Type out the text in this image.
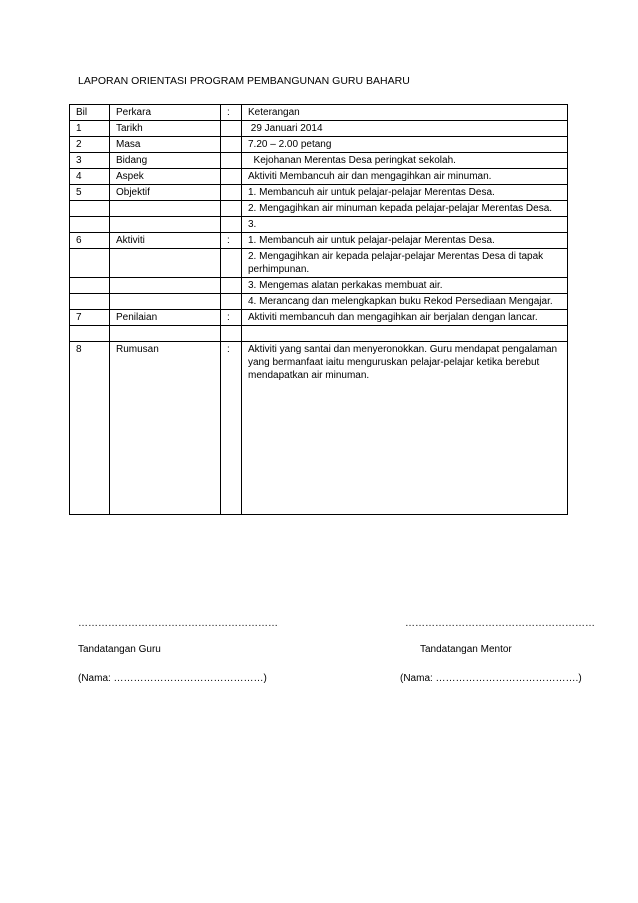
LAPORAN ORIENTASI PROGRAM PEMBANGUNAN GURU BAHARU
Bil	Perkara	:	Keterangan
1	Tarikh		29 Januari 2014
2	Masa		7.20 – 2.00 petang
3	Bidang		Kejohanan Merentas Desa peringkat sekolah.
4	Aspek		Aktiviti Membancuh air dan mengagihkan air minuman.
5	Objektif		1. Membancuh air untuk pelajar-pelajar Merentas Desa.
			2. Mengagihkan air minuman kepada pelajar-pelajar Merentas Desa.
			3.
6	Aktiviti	:	1. Membancuh air untuk pelajar-pelajar Merentas Desa.
			2. Mengagihkan air kepada pelajar-pelajar Merentas Desa di tapak perhimpunan.
			3. Mengemas alatan perkakas membuat air.
			4. Merancang dan melengkapkan buku Rekod Persediaan Mengajar.
7	Penilaian	:	Aktiviti membancuh dan mengagihkan air berjalan dengan lancar.

8	Rumusan	:	Aktiviti yang santai dan menyeronokkan. Guru mendapat pengalaman yang bermanfaat iaitu menguruskan pelajar-pelajar ketika berebut mendapatkan air minuman.
……………………………………………………	…………………………………………………
Tandatangan Guru	Tandatangan Mentor
(Nama: ………………………………………)	(Nama: …………………………………….)
